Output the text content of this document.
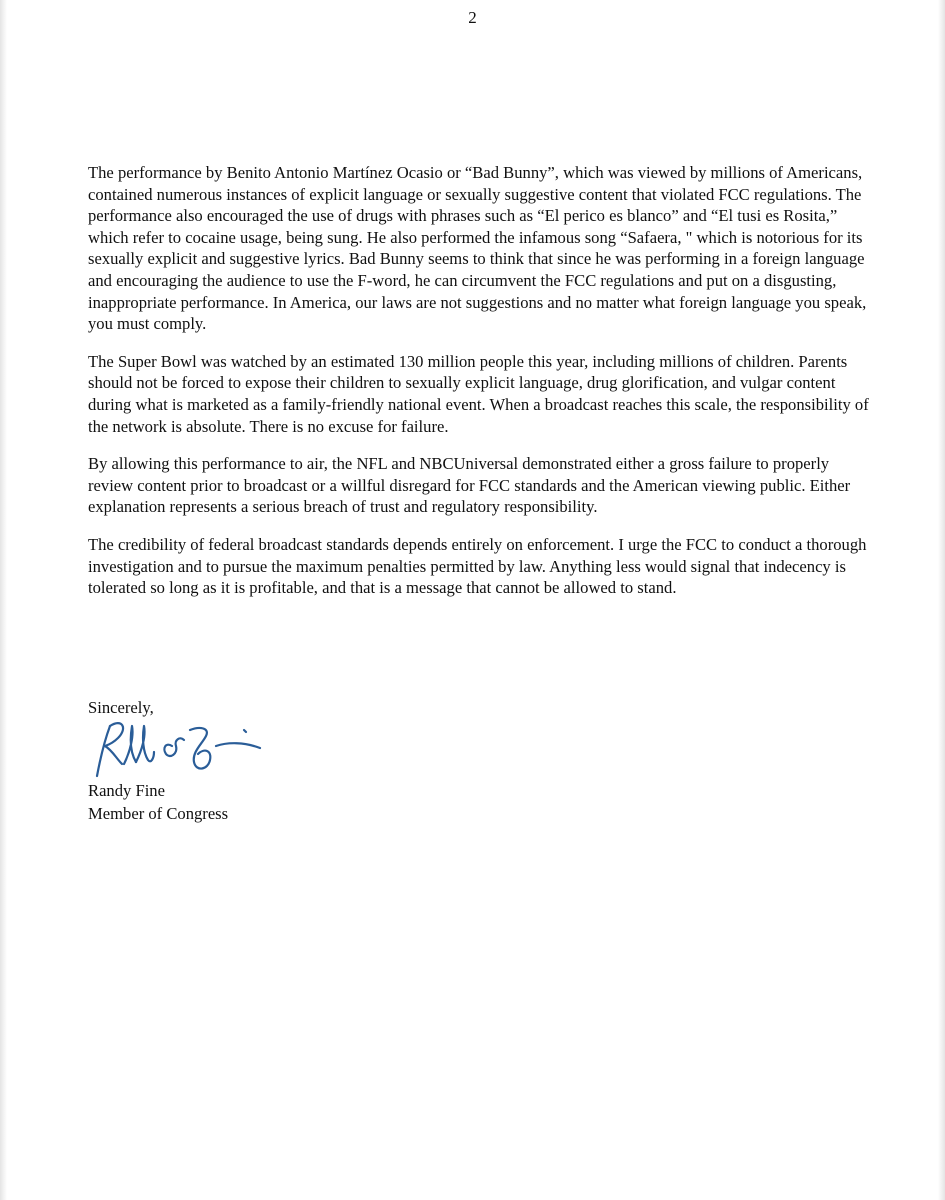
2

The performance by Benito Antonio Martínez Ocasio or “Bad Bunny”, which was viewed by millions of Americans, contained numerous instances of explicit language or sexually suggestive content that violated FCC regulations. The performance also encouraged the use of drugs with phrases such as “El perico es blanco” and “El tusi es Rosita,” which refer to cocaine usage, being sung. He also performed the infamous song “Safaera, " which is notorious for its sexually explicit and suggestive lyrics. Bad Bunny seems to think that since he was performing in a foreign language and encouraging the audience to use the F-word, he can circumvent the FCC regulations and put on a disgusting, inappropriate performance. In America, our laws are not suggestions and no matter what foreign language you speak, you must comply.

The Super Bowl was watched by an estimated 130 million people this year, including millions of children. Parents should not be forced to expose their children to sexually explicit language, drug glorification, and vulgar content during what is marketed as a family-friendly national event. When a broadcast reaches this scale, the responsibility of the network is absolute. There is no excuse for failure.

By allowing this performance to air, the NFL and NBCUniversal demonstrated either a gross failure to properly review content prior to broadcast or a willful disregard for FCC standards and the American viewing public. Either explanation represents a serious breach of trust and regulatory responsibility.

The credibility of federal broadcast standards depends entirely on enforcement. I urge the FCC to conduct a thorough investigation and to pursue the maximum penalties permitted by law. Anything less would signal that indecency is tolerated so long as it is profitable, and that is a message that cannot be allowed to stand.

Sincerely,
Randy Fine
Member of Congress
